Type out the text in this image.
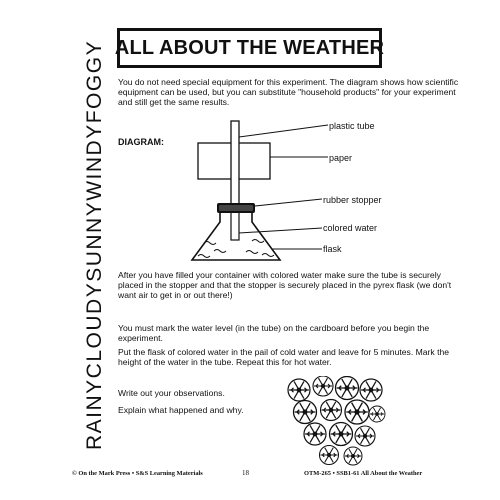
ALL ABOUT THE WEATHER
RAINY
CLOUDY
SUNNY
WINDY
FOGGY You do not need special equipment for this experiment. The diagram shows how scientific equipment can be used, but you can substitute "household products" for your experiment and still get the same results.

DIAGRAM:
plastic tube
paper
rubber stopper
colored water
flask

After you have filled your container with colored water make sure the tube is securely placed in the stopper and that the stopper is securely placed in the pyrex flask (we don't want air to get in or out there!)

You must mark the water level (in the tube) on the cardboard before you begin the experiment.

Put the flask of colored water in the pail of cold water and leave for 5 minutes. Mark the height of the water in the tube. Repeat this for hot water.

Write out your observations.

Explain what happened and why.

© On the Mark Press • S&S Learning Materials	18	OTM-265 • SSB1-61 All About the Weather
